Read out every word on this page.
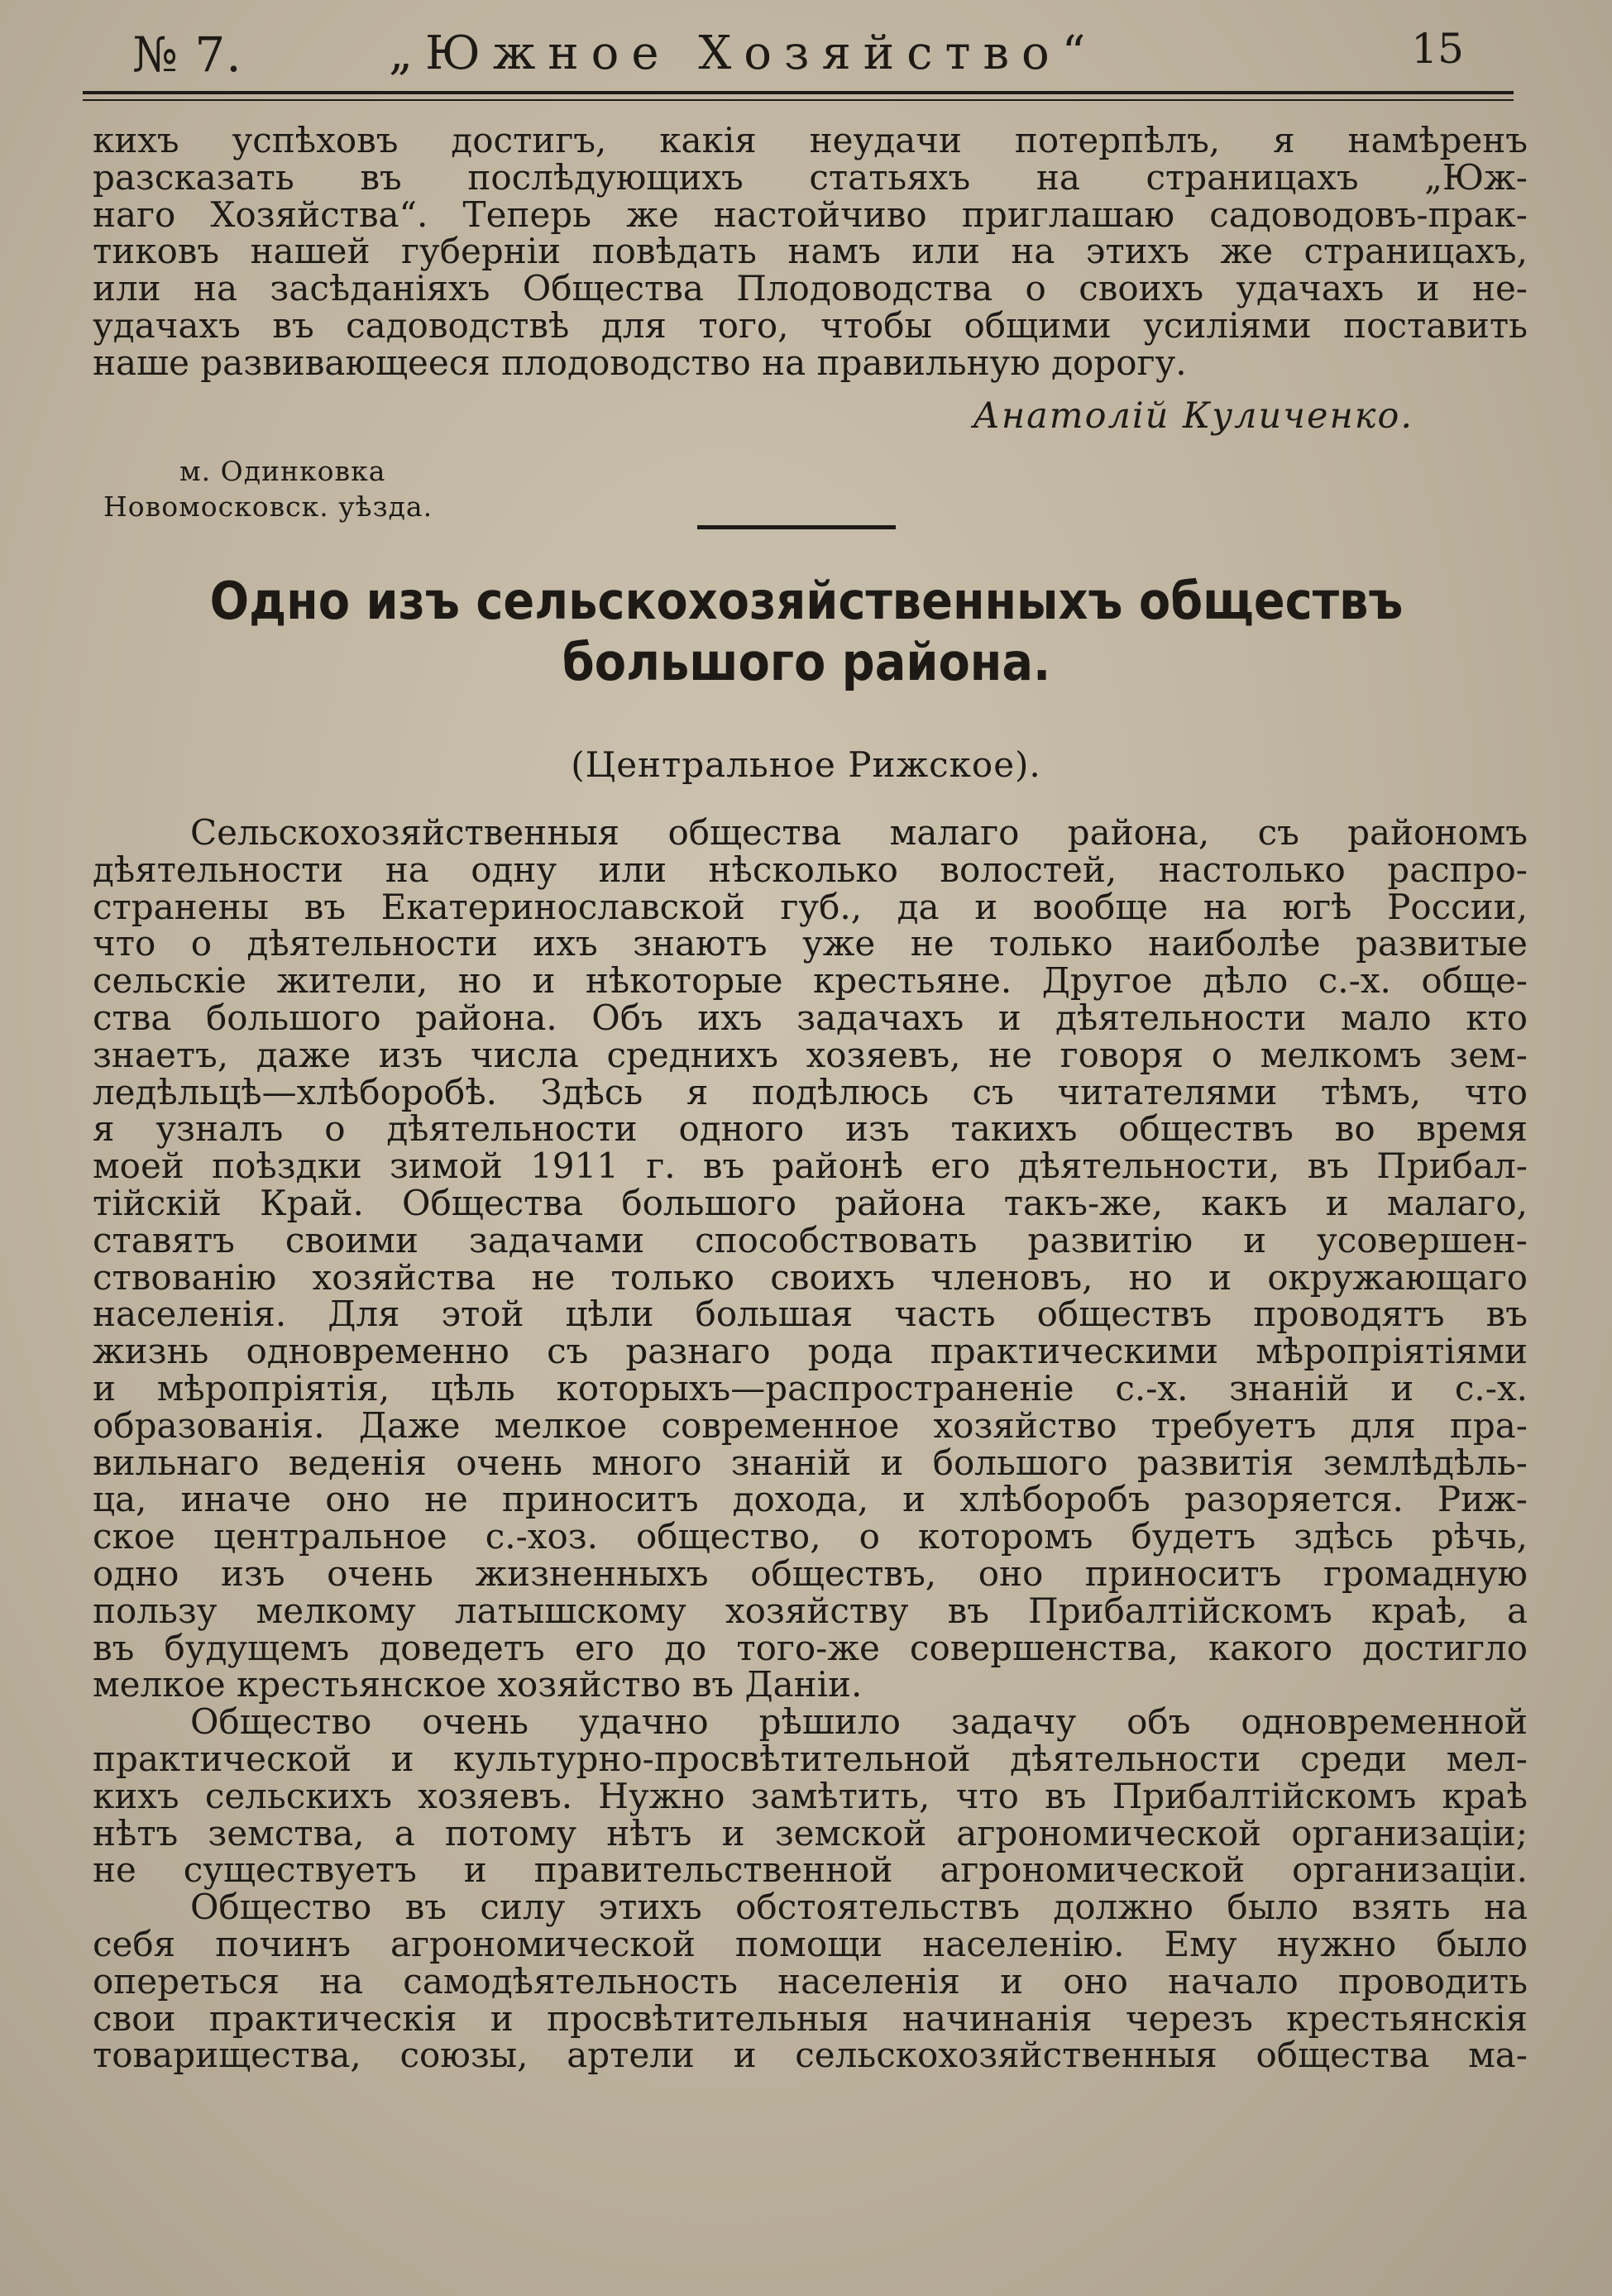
№ 7.	„Южное Хозяйство“	15
кихъ успѣховъ достигъ, какія неудачи потерпѣлъ, я намѣренъ
разсказать въ послѣдующихъ статьяхъ на страницахъ „Юж-
наго Хозяйства“. Теперь же настойчиво приглашаю садоводовъ-прак-
тиковъ нашей губерніи повѣдать намъ или на этихъ же страницахъ,
или на засѣданіяхъ Общества Плодоводства о своихъ удачахъ и не-
удачахъ въ садоводствѣ для того, чтобы общими усиліями поставить
наше развивающееся плодоводство на правильную дорогу.
Анатолій Куличенко.
м. Одинковка
Новомосковск. уѣзда.
Одно изъ сельскохозяйственныхъ обществъ большого района.
(Центральное Рижское).
Сельскохозяйственныя общества малаго района, съ райономъ
дѣятельности на одну или нѣсколько волостей, настолько распро-
странены въ Екатеринославской губ., да и вообще на югѣ России,
что о дѣятельности ихъ знаютъ уже не только наиболѣе развитые
сельскіе жители, но и нѣкоторые крестьяне. Другое дѣло с.-х. обще-
ства большого района. Объ ихъ задачахъ и дѣятельности мало кто
знаетъ, даже изъ числа среднихъ хозяевъ, не говоря о мелкомъ зем-
ледѣльцѣ—хлѣборобѣ. Здѣсь я подѣлюсь съ читателями тѣмъ, что
я узналъ о дѣятельности одного изъ такихъ обществъ во время
моей поѣздки зимой 1911 г. въ районѣ его дѣятельности, въ Прибал-
тійскій Край. Общества большого района такъ-же, какъ и малаго,
ставятъ своими задачами способствовать развитію и усовершен-
ствованію хозяйства не только своихъ членовъ, но и окружающаго
населенія. Для этой цѣли большая часть обществъ проводятъ въ
жизнь одновременно съ разнаго рода практическими мѣропріятіями
и мѣропріятія, цѣль которыхъ—распространеніе с.-х. знаній и с.-х.
образованія. Даже мелкое современное хозяйство требуетъ для пра-
вильнаго веденія очень много знаній и большого развитія землѣдѣль-
ца, иначе оно не приноситъ дохода, и хлѣборобъ разоряется. Риж-
ское центральное с.-хоз. общество, о которомъ будетъ здѣсь рѣчь,
одно изъ очень жизненныхъ обществъ, оно приноситъ громадную
пользу мелкому латышскому хозяйству въ Прибалтійскомъ краѣ, а
въ будущемъ доведетъ его до того-же совершенства, какого достигло
мелкое крестьянское хозяйство въ Даніи.
Общество очень удачно рѣшило задачу объ одновременной
практической и культурно-просвѣтительной дѣятельности среди мел-
кихъ сельскихъ хозяевъ. Нужно замѣтить, что въ Прибалтійскомъ краѣ
нѣтъ земства, а потому нѣтъ и земской агрономической организаціи;
не существуетъ и правительственной агрономической организаціи.
Общество въ силу этихъ обстоятельствъ должно было взять на
себя починъ агрономической помощи населенію. Ему нужно было
опереться на самодѣятельность населенія и оно начало проводить
свои практическія и просвѣтительныя начинанія черезъ крестьянскія
товарищества, союзы, артели и сельскохозяйственныя общества ма-
